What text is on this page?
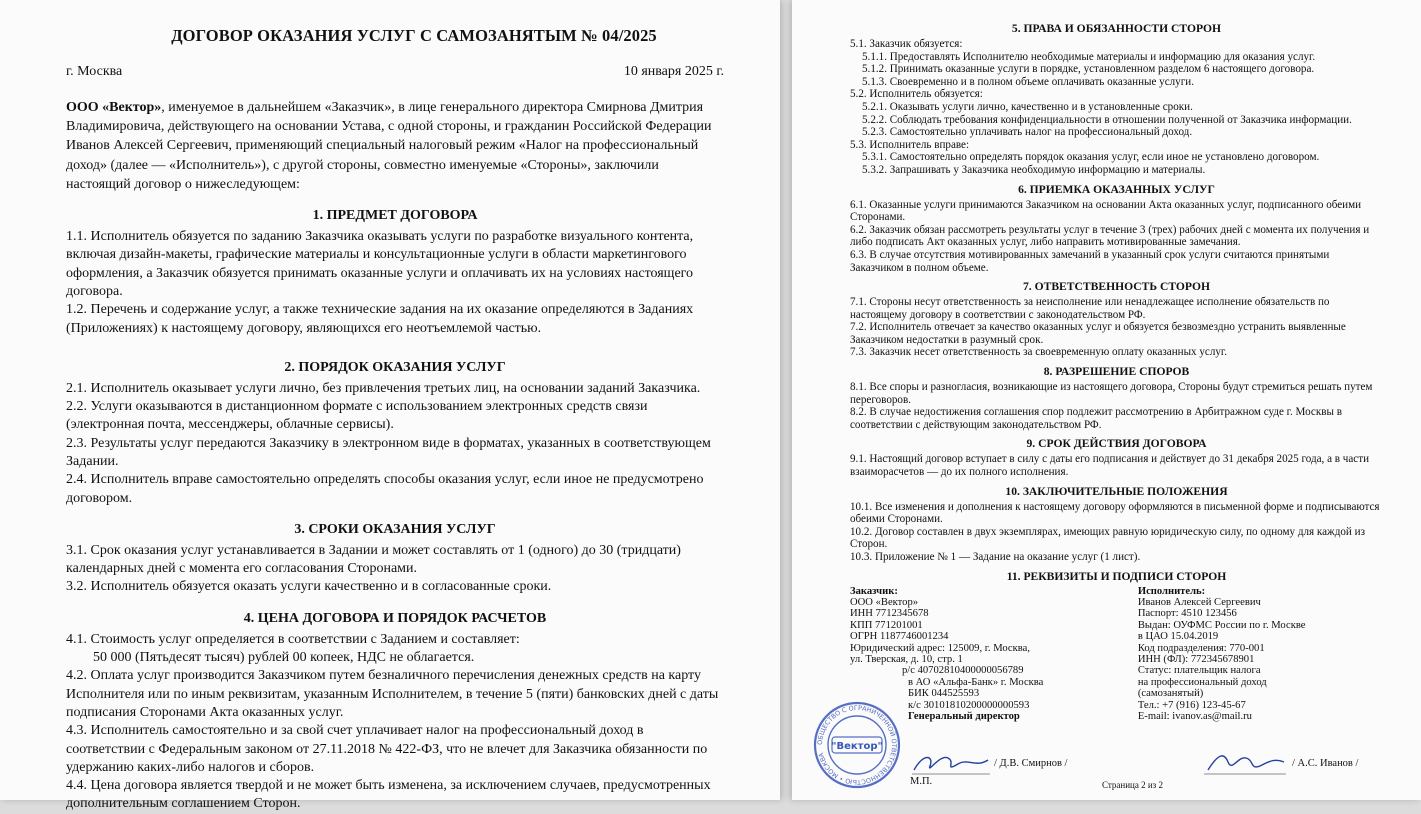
ДОГОВОР ОКАЗАНИЯ УСЛУГ С САМОЗАНЯТЫМ № 04/2025
г. Москва	10 января 2025 г.

ООО «Вектор», именуемое в дальнейшем «Заказчик», в лице генерального директора Смирнова Дмитрия Владимировича, действующего на основании Устава, с одной стороны, и гражданин Российской Федерации Иванов Алексей Сергеевич, применяющий специальный налоговый режим «Налог на профессиональный доход» (далее — «Исполнитель»), с другой стороны, совместно именуемые «Стороны», заключили настоящий договор о нижеследующем:

1. ПРЕДМЕТ ДОГОВОРА

1.1. Исполнитель обязуется по заданию Заказчика оказывать услуги по разработке визуального контента, включая дизайн-макеты, графические материалы и консультационные услуги в области маркетингового оформления, а Заказчик обязуется принимать оказанные услуги и оплачивать их на условиях настоящего договора.

1.2. Перечень и содержание услуг, а также технические задания на их оказание определяются в Заданиях (Приложениях) к настоящему договору, являющихся его неотъемлемой частью.

2. ПОРЯДОК ОКАЗАНИЯ УСЛУГ

2.1. Исполнитель оказывает услуги лично, без привлечения третьих лиц, на основании заданий Заказчика.

2.2. Услуги оказываются в дистанционном формате с использованием электронных средств связи (электронная почта, мессенджеры, облачные сервисы).

2.3. Результаты услуг передаются Заказчику в электронном виде в форматах, указанных в соответствующем Задании.

2.4. Исполнитель вправе самостоятельно определять способы оказания услуг, если иное не предусмотрено договором.

3. СРОКИ ОКАЗАНИЯ УСЛУГ

3.1. Срок оказания услуг устанавливается в Задании и может составлять от 1 (одного) до 30 (тридцати) календарных дней с момента его согласования Сторонами.

3.2. Исполнитель обязуется оказать услуги качественно и в согласованные сроки.

4. ЦЕНА ДОГОВОРА И ПОРЯДОК РАСЧЕТОВ

4.1. Стоимость услуг определяется в соответствии с Заданием и составляет:

50 000 (Пятьдесят тысяч) рублей 00 копеек, НДС не облагается.

4.2. Оплата услуг производится Заказчиком путем безналичного перечисления денежных средств на карту Исполнителя или по иным реквизитам, указанным Исполнителем, в течение 5 (пяти) банковских дней с даты подписания Сторонами Акта оказанных услуг.

4.3. Исполнитель самостоятельно и за свой счет уплачивает налог на профессиональный доход в соответствии с Федеральным законом от 27.11.2018 № 422-ФЗ, что не влечет для Заказчика обязанности по удержанию каких-либо налогов и сборов.

4.4. Цена договора является твердой и не может быть изменена, за исключением случаев, предусмотренных дополнительным соглашением Сторон.

5. ПРАВА И ОБЯЗАННОСТИ СТОРОН

5.1. Заказчик обязуется:

5.1.1. Предоставлять Исполнителю необходимые материалы и информацию для оказания услуг.

5.1.2. Принимать оказанные услуги в порядке, установленном разделом 6 настоящего договора.

5.1.3. Своевременно и в полном объеме оплачивать оказанные услуги.

5.2. Исполнитель обязуется:

5.2.1. Оказывать услуги лично, качественно и в установленные сроки.

5.2.2. Соблюдать требования конфиденциальности в отношении полученной от Заказчика информации.

5.2.3. Самостоятельно уплачивать налог на профессиональный доход.

5.3. Исполнитель вправе:

5.3.1. Самостоятельно определять порядок оказания услуг, если иное не установлено договором.

5.3.2. Запрашивать у Заказчика необходимую информацию и материалы.

6. ПРИЕМКА ОКАЗАННЫХ УСЛУГ

6.1. Оказанные услуги принимаются Заказчиком на основании Акта оказанных услуг, подписанного обеими Сторонами.

6.2. Заказчик обязан рассмотреть результаты услуг в течение 3 (трех) рабочих дней с момента их получения и либо подписать Акт оказанных услуг, либо направить мотивированные замечания.

6.3. В случае отсутствия мотивированных замечаний в указанный срок услуги считаются принятыми Заказчиком в полном объеме.

7. ОТВЕТСТВЕННОСТЬ СТОРОН

7.1. Стороны несут ответственность за неисполнение или ненадлежащее исполнение обязательств по настоящему договору в соответствии с законодательством РФ.

7.2. Исполнитель отвечает за качество оказанных услуг и обязуется безвозмездно устранить выявленные Заказчиком недостатки в разумный срок.

7.3. Заказчик несет ответственность за своевременную оплату оказанных услуг.

8. РАЗРЕШЕНИЕ СПОРОВ

8.1. Все споры и разногласия, возникающие из настоящего договора, Стороны будут стремиться решать путем переговоров.

8.2. В случае недостижения соглашения спор подлежит рассмотрению в Арбитражном суде г. Москвы в соответствии с действующим законодательством РФ.

9. СРОК ДЕЙСТВИЯ ДОГОВОРА

9.1. Настоящий договор вступает в силу с даты его подписания и действует до 31 декабря 2025 года, а в части взаиморасчетов — до их полного исполнения.

10. ЗАКЛЮЧИТЕЛЬНЫЕ ПОЛОЖЕНИЯ

10.1. Все изменения и дополнения к настоящему договору оформляются в письменной форме и подписываются обеими Сторонами.

10.2. Договор составлен в двух экземплярах, имеющих равную юридическую силу, по одному для каждой из Сторон.

10.3. Приложение № 1 — Задание на оказание услуг (1 лист).

11. РЕКВИЗИТЫ И ПОДПИСИ СТОРОН
Заказчик:
ООО «Вектор»
ИНН 7712345678
КПП 771201001
ОГРН 1187746001234
Юридический адрес: 125009, г. Москва,
ул. Тверская, д. 10, стр. 1
р/с 40702810400000056789
в АО «Альфа-Банк» г. Москва
БИК 044525593
к/с 30101810200000000593
Генеральный директор
Исполнитель:
Иванов Алексей Сергеевич
Паспорт: 4510 123456
Выдан: ОУФМС России по г. Москве
в ЦАО 15.04.2019
Код подразделения: 770-001
ИНН (ФЛ): 772345678901
Статус: плательщик налога
на профессиональный доход
(самозанятый)
Тел.: +7 (916) 123-45-67
E-mail: ivanov.as@mail.ru
ОБЩЕСТВО С ОГРАНИЧЕННОЙ ОТВЕТСТВЕННОСТЬЮ • МОСКВА
"Вектор"
/ Д.В. Смирнов /
М.П.
/ А.С. Иванов /
Страница 2 из 2
